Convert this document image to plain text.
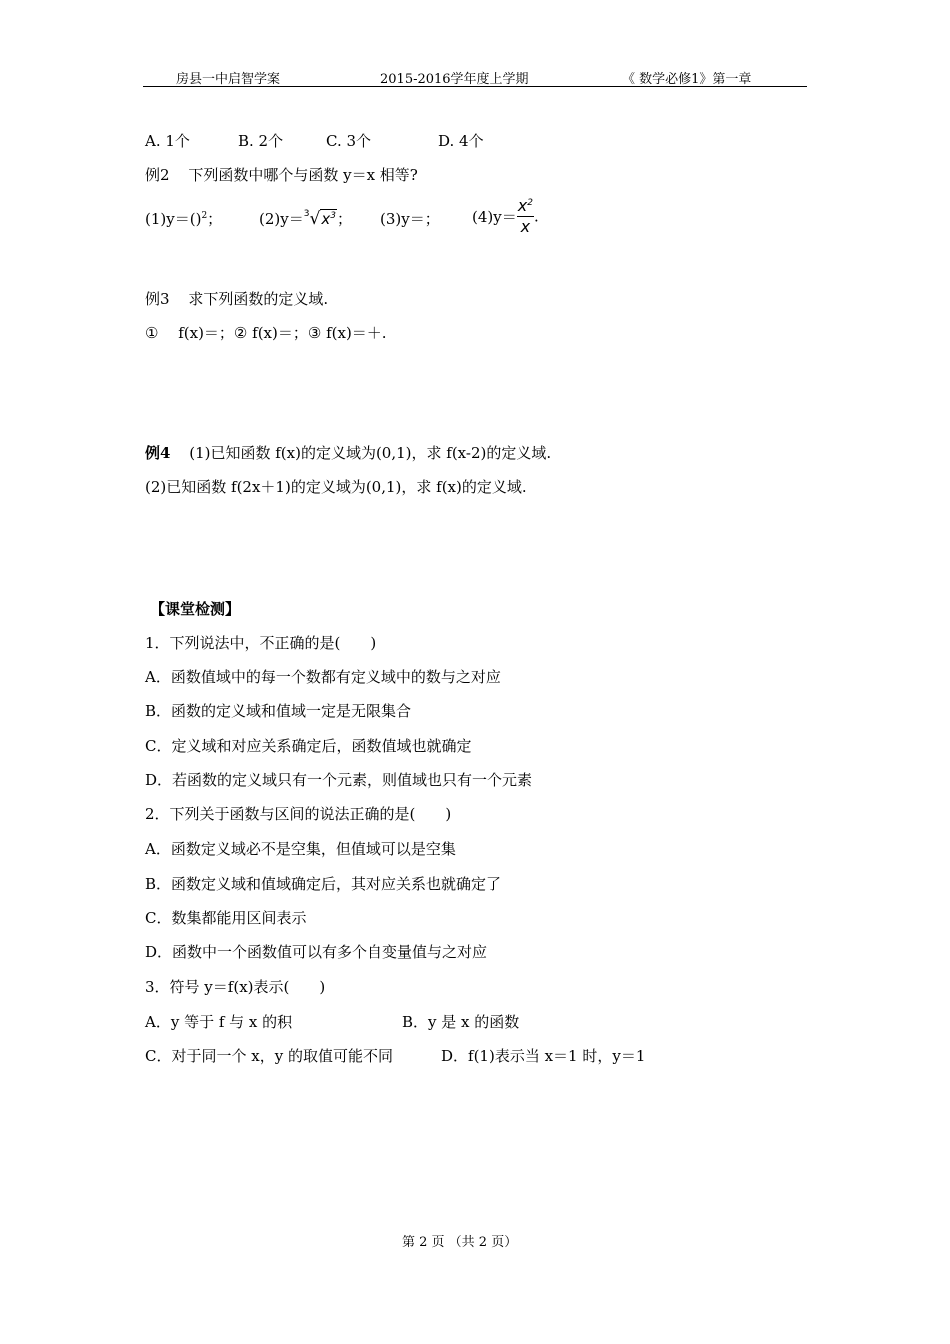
房县一中启智学案	2015-2016学年度上学期	《 数学必修1》第一章
A. 1个	B. 2个	C. 3个	D. 4个
例2 下列函数中哪个与函数 y＝x 相等?
(1)y＝()$^2$； $(2)y=^3√x^3$； (3)y＝； $(4)y= \frac{x^2}{x}$ .
例3 求下列函数的定义域.
①　 f(x)＝；② f(x)＝；③ f(x)＝＋.
例4 (1)已知函数 f(x)的定义域为(0,1)，求 f(x-2)的定义域.
(2)已知函数 f(2x＋1)的定义域为(0,1)，求 f(x)的定义域.
【课堂检测】
1．下列说法中，不正确的是(　　)
A．函数值域中的每一个数都有定义域中的数与之对应
B．函数的定义域和值域一定是无限集合
C．定义域和对应关系确定后，函数值域也就确定
D．若函数的定义域只有一个元素，则值域也只有一个元素
2．下列关于函数与区间的说法正确的是(　　)
A．函数定义域必不是空集，但值域可以是空集
B．函数定义域和值域确定后，其对应关系也就确定了
C．数集都能用区间表示
D．函数中一个函数值可以有多个自变量值与之对应
3．符号 y＝f(x)表示(　　)
A．y 等于 f 与 x 的积	B．y 是 x 的函数
C．对于同一个 x，y 的取值可能不同	D．f(1)表示当 x＝1 时，y＝1
第 2 页 （共 2 页）
